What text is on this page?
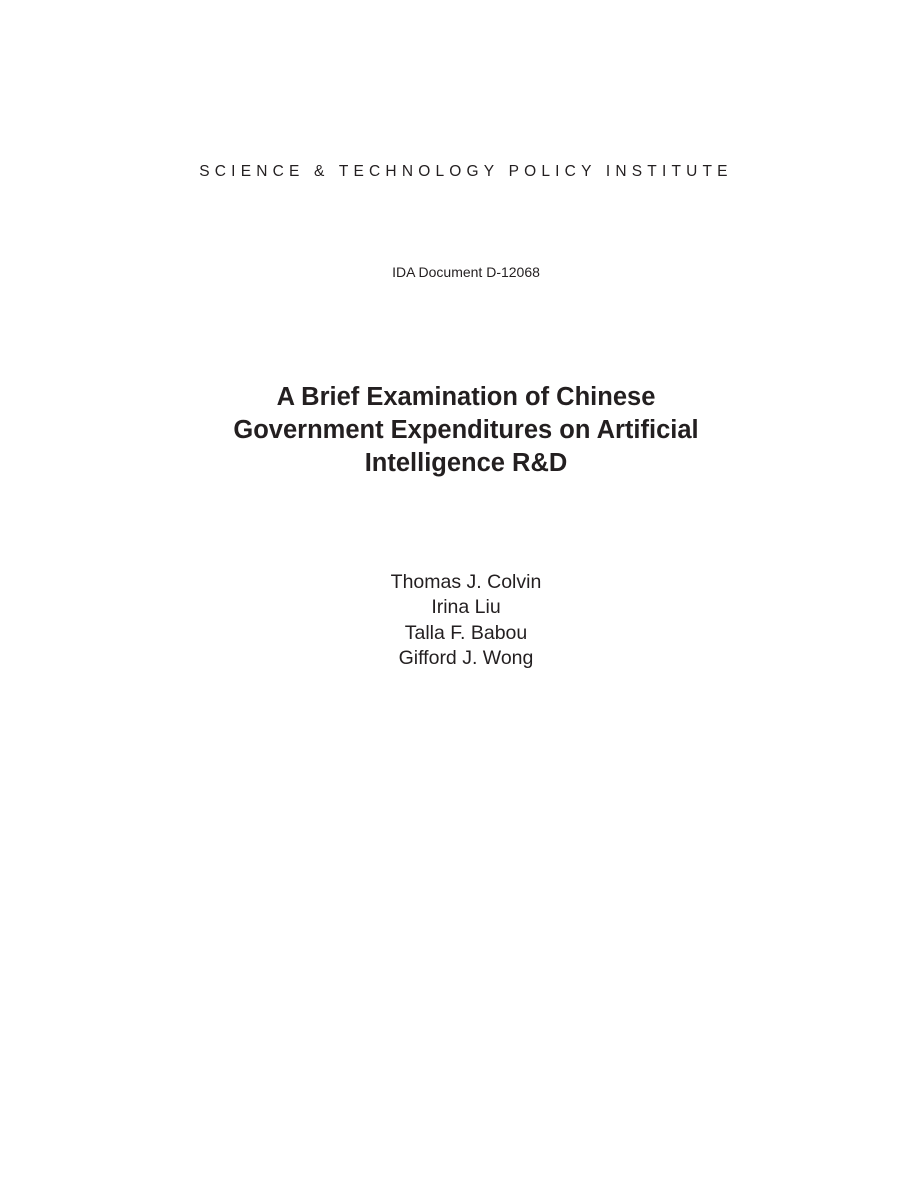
SCIENCE & TECHNOLOGY POLICY INSTITUTE
IDA Document D-12068
A Brief Examination of Chinese
Government Expenditures on Artificial
Intelligence R&D
Thomas J. Colvin
Irina Liu
Talla F. Babou
Gifford J. Wong
